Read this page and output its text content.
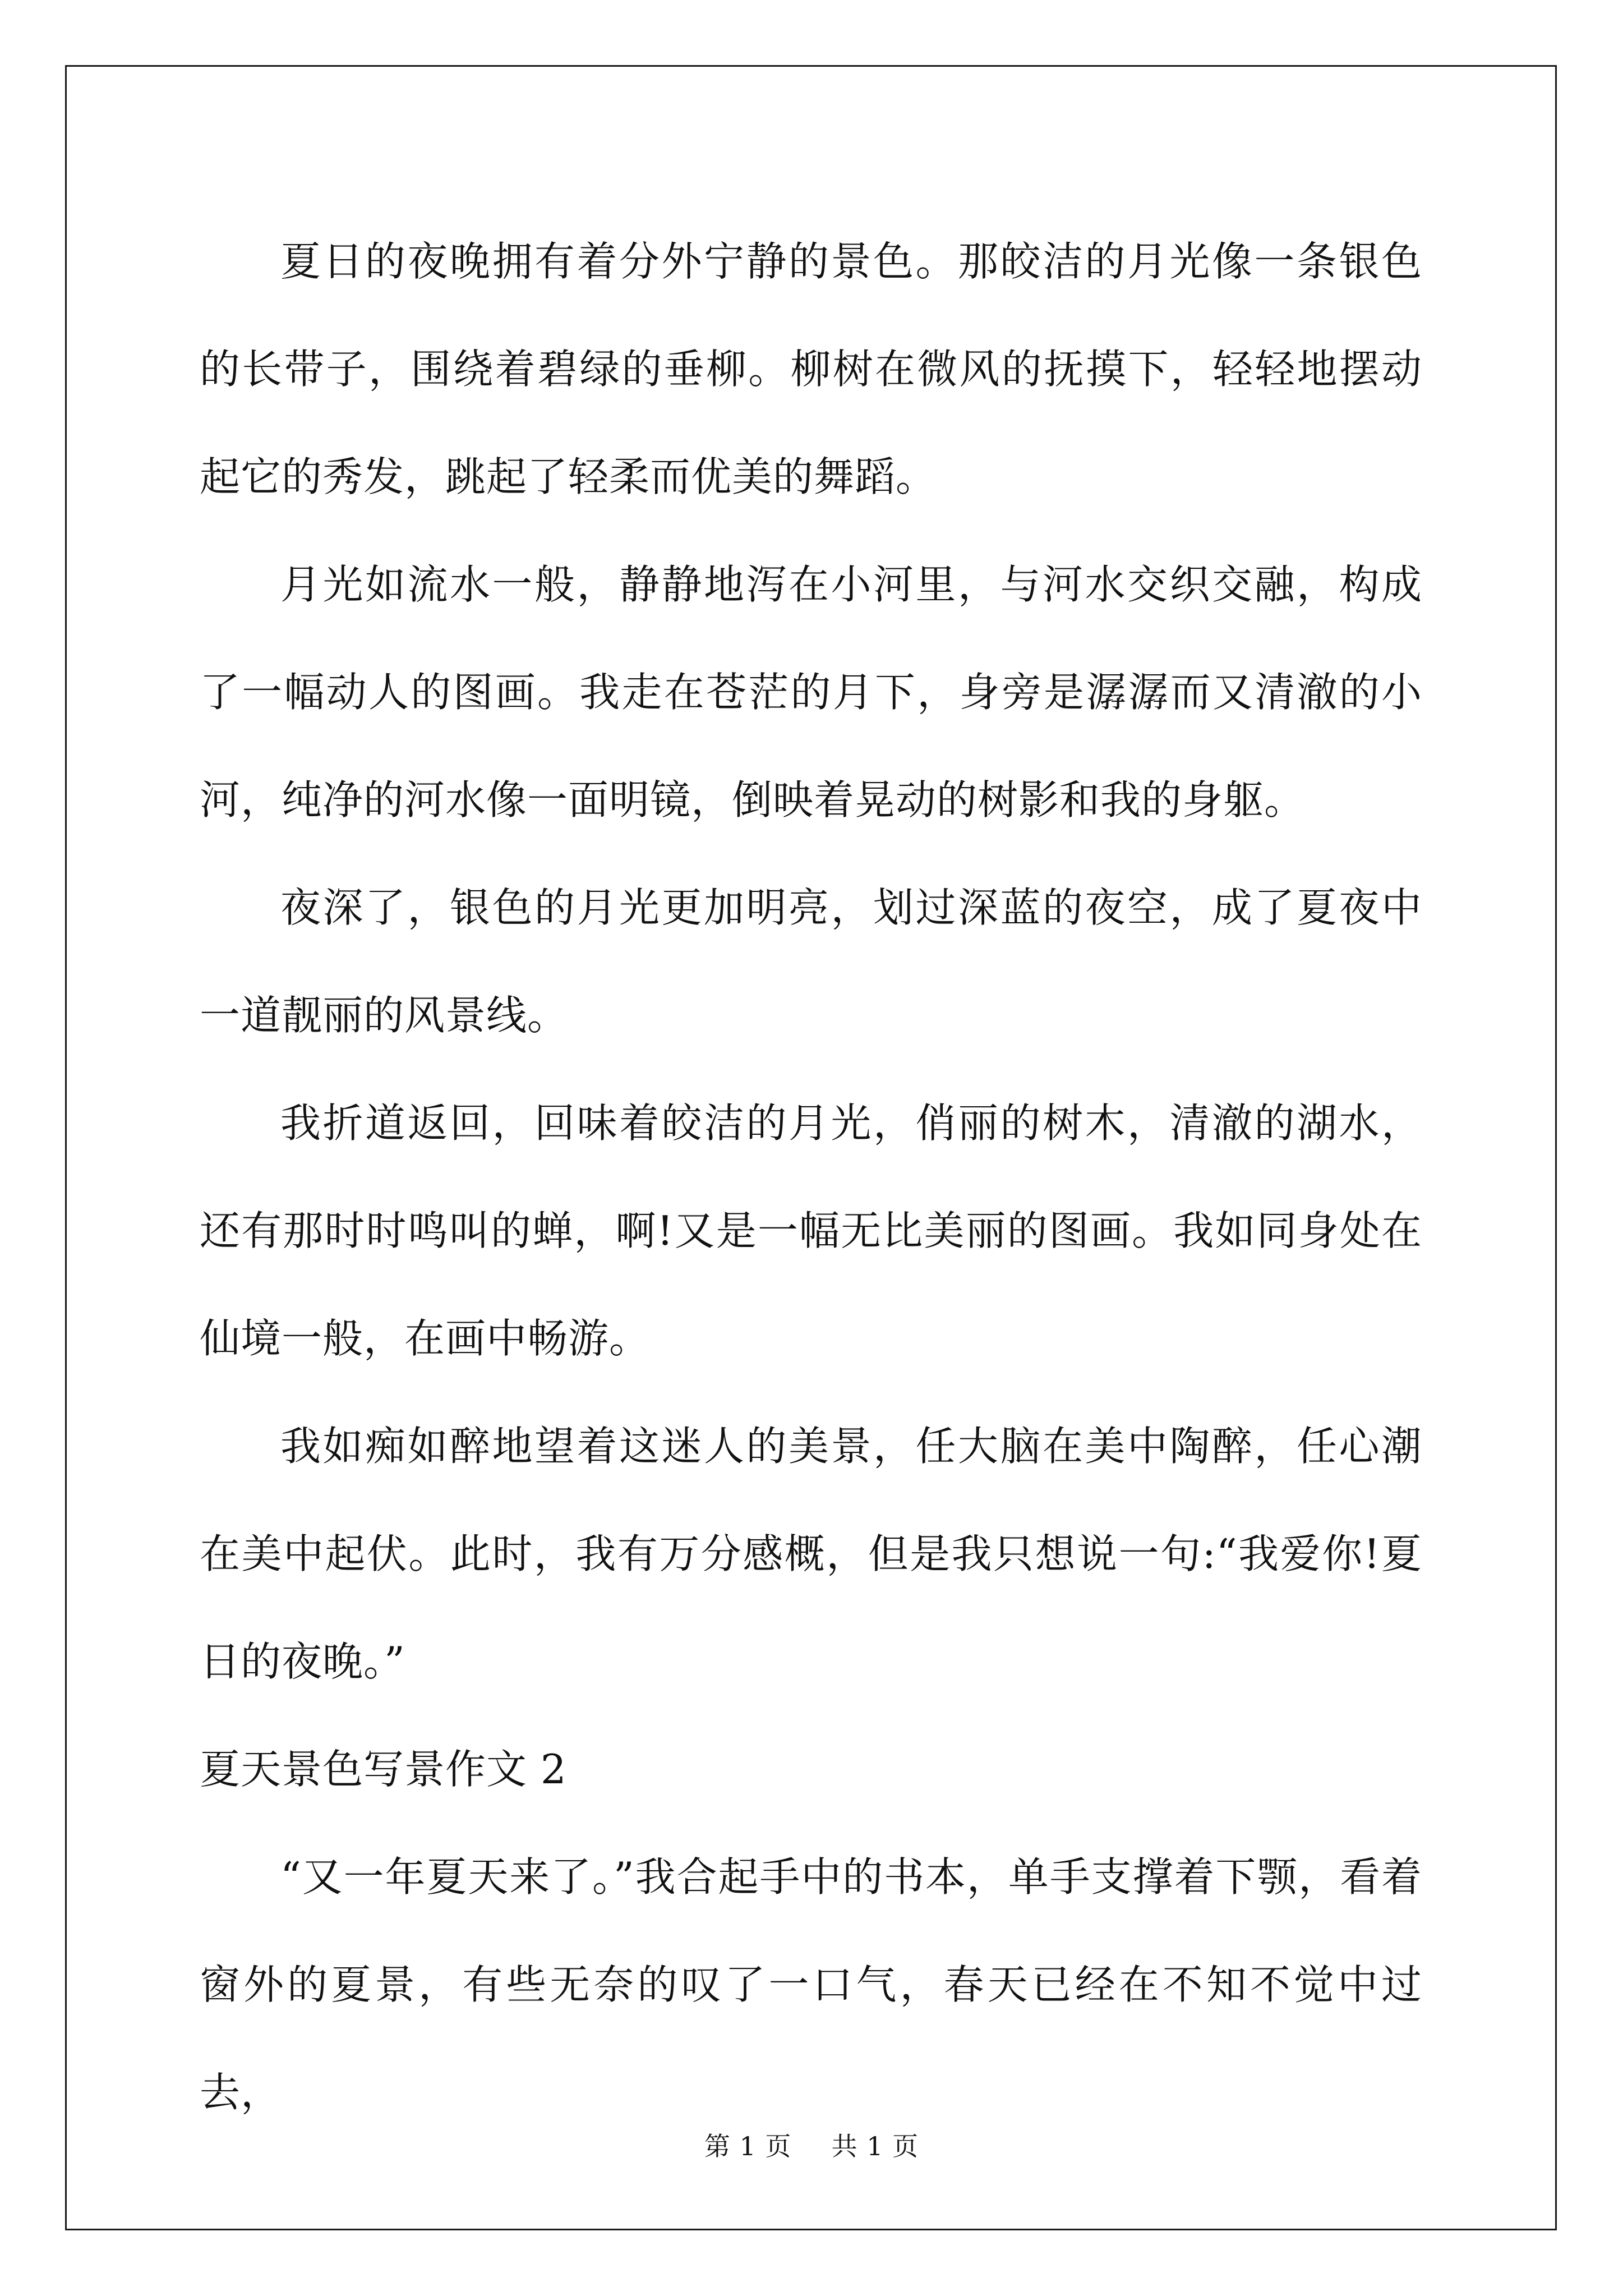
夏日的夜晚拥有着分外宁静的景色。那皎洁的月光像一条银色的长带子，围绕着碧绿的垂柳。柳树在微风的抚摸下，轻轻地摆动起它的秀发，跳起了轻柔而优美的舞蹈。

月光如流水一般，静静地泻在小河里，与河水交织交融，构成了一幅动人的图画。我走在苍茫的月下，身旁是潺潺而又清澈的小河，纯净的河水像一面明镜，倒映着晃动的树影和我的身躯。

夜深了，银色的月光更加明亮，划过深蓝的夜空，成了夏夜中一道靓丽的风景线。

我折道返回，回味着皎洁的月光，俏丽的树木，清澈的湖水，还有那时时鸣叫的蝉，啊!又是一幅无比美丽的图画。我如同身处在仙境一般，在画中畅游。

我如痴如醉地望着这迷人的美景，任大脑在美中陶醉，任心潮在美中起伏。此时，我有万分感概，但是我只想说一句:“我爱你!夏日的夜晚。”

夏天景色写景作文 2

“又一年夏天来了。”我合起手中的书本，单手支撑着下颚，看着窗外的夏景，有些无奈的叹了一口气，春天已经在不知不觉中过去，

第 1 页 共 1 页
